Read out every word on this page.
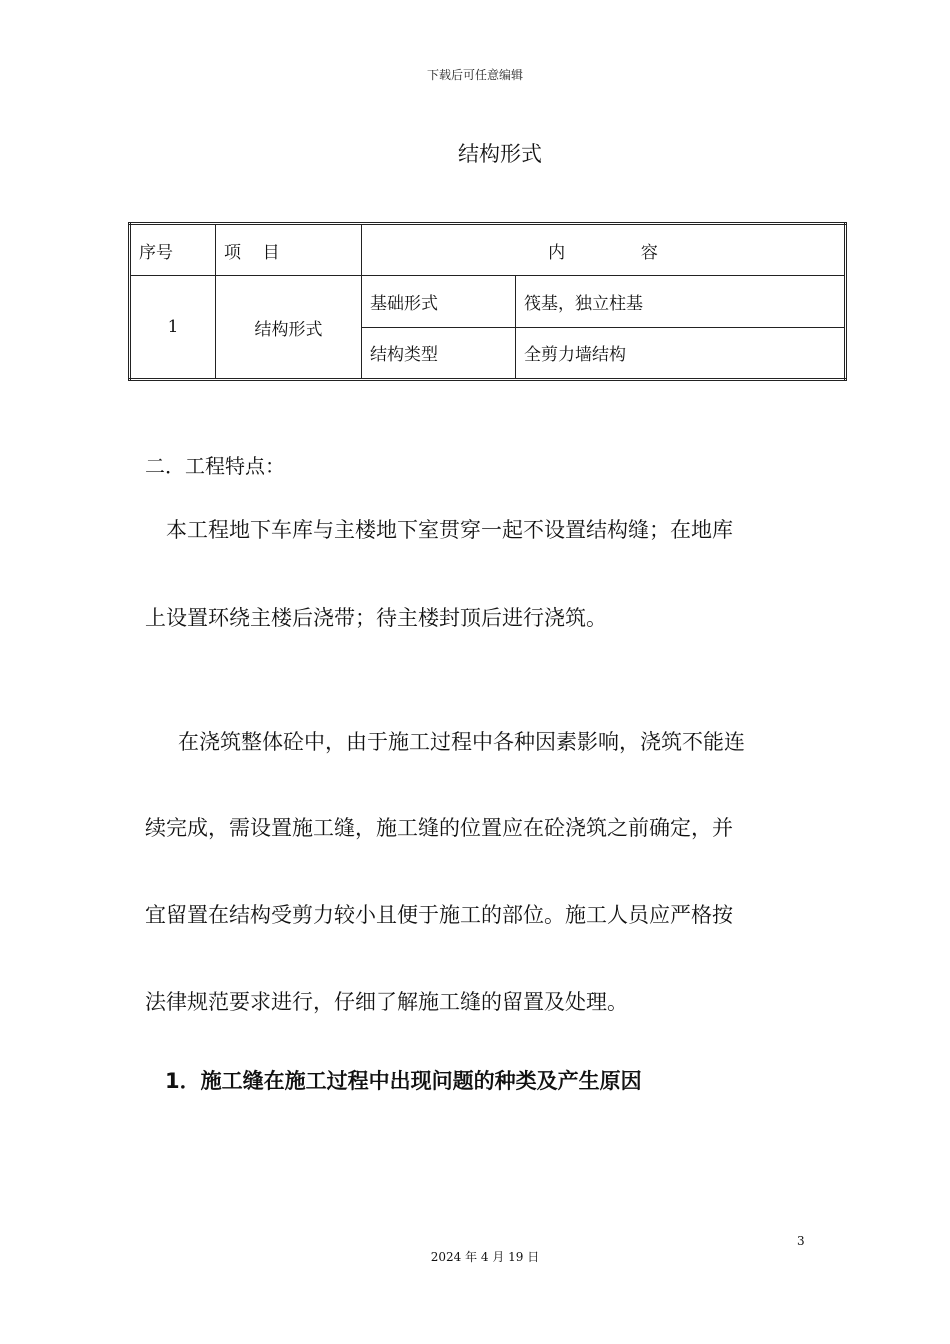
下载后可任意编辑
结构形式
序号	项    目	内              容	
1	结构形式	基础形式	筏基，独立柱基
		结构类型	全剪力墙结构
二．工程特点：
本工程地下车库与主楼地下室贯穿一起不设置结构缝；在地库
上设置环绕主楼后浇带；待主楼封顶后进行浇筑。
在浇筑整体砼中，由于施工过程中各种因素影响，浇筑不能连
续完成，需设置施工缝，施工缝的位置应在砼浇筑之前确定，并
宜留置在结构受剪力较小且便于施工的部位。施工人员应严格按
法律规范要求进行，仔细了解施工缝的留置及处理。
1．施工缝在施工过程中出现问题的种类及产生原因
3
2024 年 4 月 19 日
